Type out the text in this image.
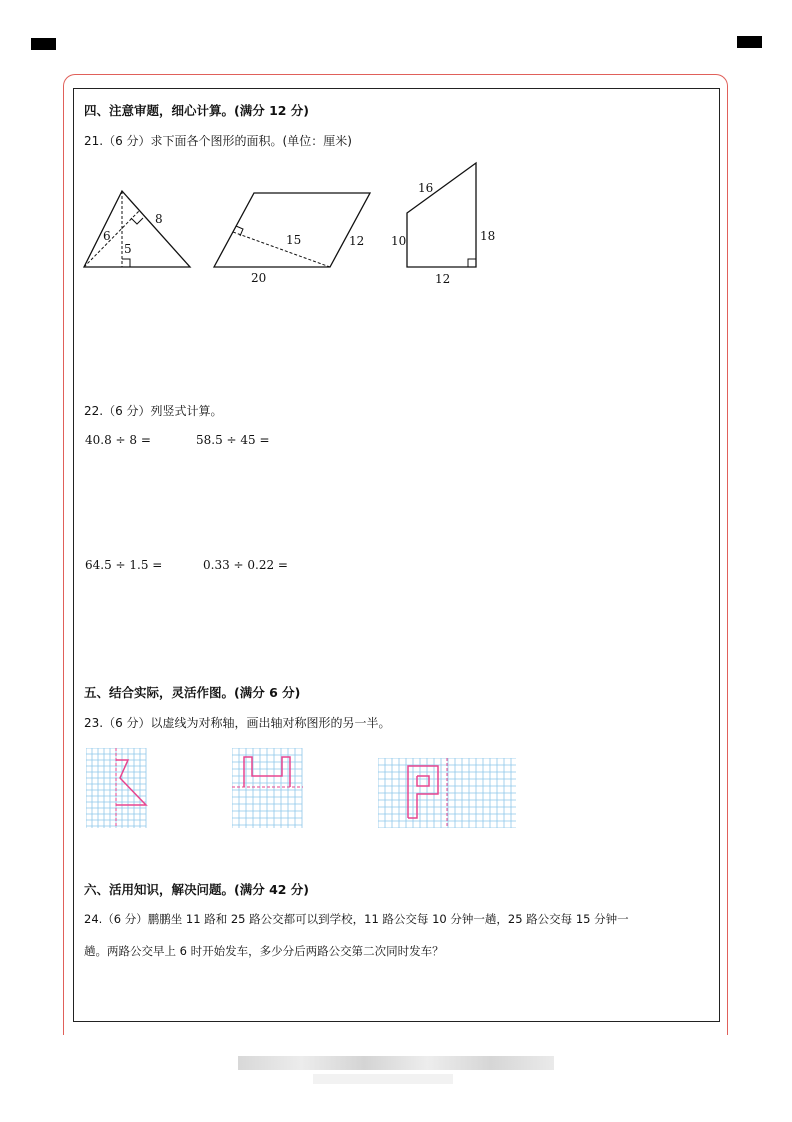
四、注意审题，细心计算。(满分 12 分)
21.（6 分）求下面各个图形的面积。(单位：厘米)
6
8
5
15	12
20
16
10	18
12
22.（6 分）列竖式计算。
40.8 ÷ 8 =	58.5 ÷ 45 =
64.5 ÷ 1.5 =	0.33 ÷ 0.22 =
五、结合实际，灵活作图。(满分 6 分)
23.（6 分）以虚线为对称轴，画出轴对称图形的另一半。
六、活用知识，解决问题。(满分 42 分)
24.（6 分）鹏鹏坐 11 路和 25 路公交都可以到学校，11 路公交每 10 分钟一趟，25 路公交每 15 分钟一
趟。两路公交早上 6 时开始发车，多少分后两路公交第二次同时发车？
